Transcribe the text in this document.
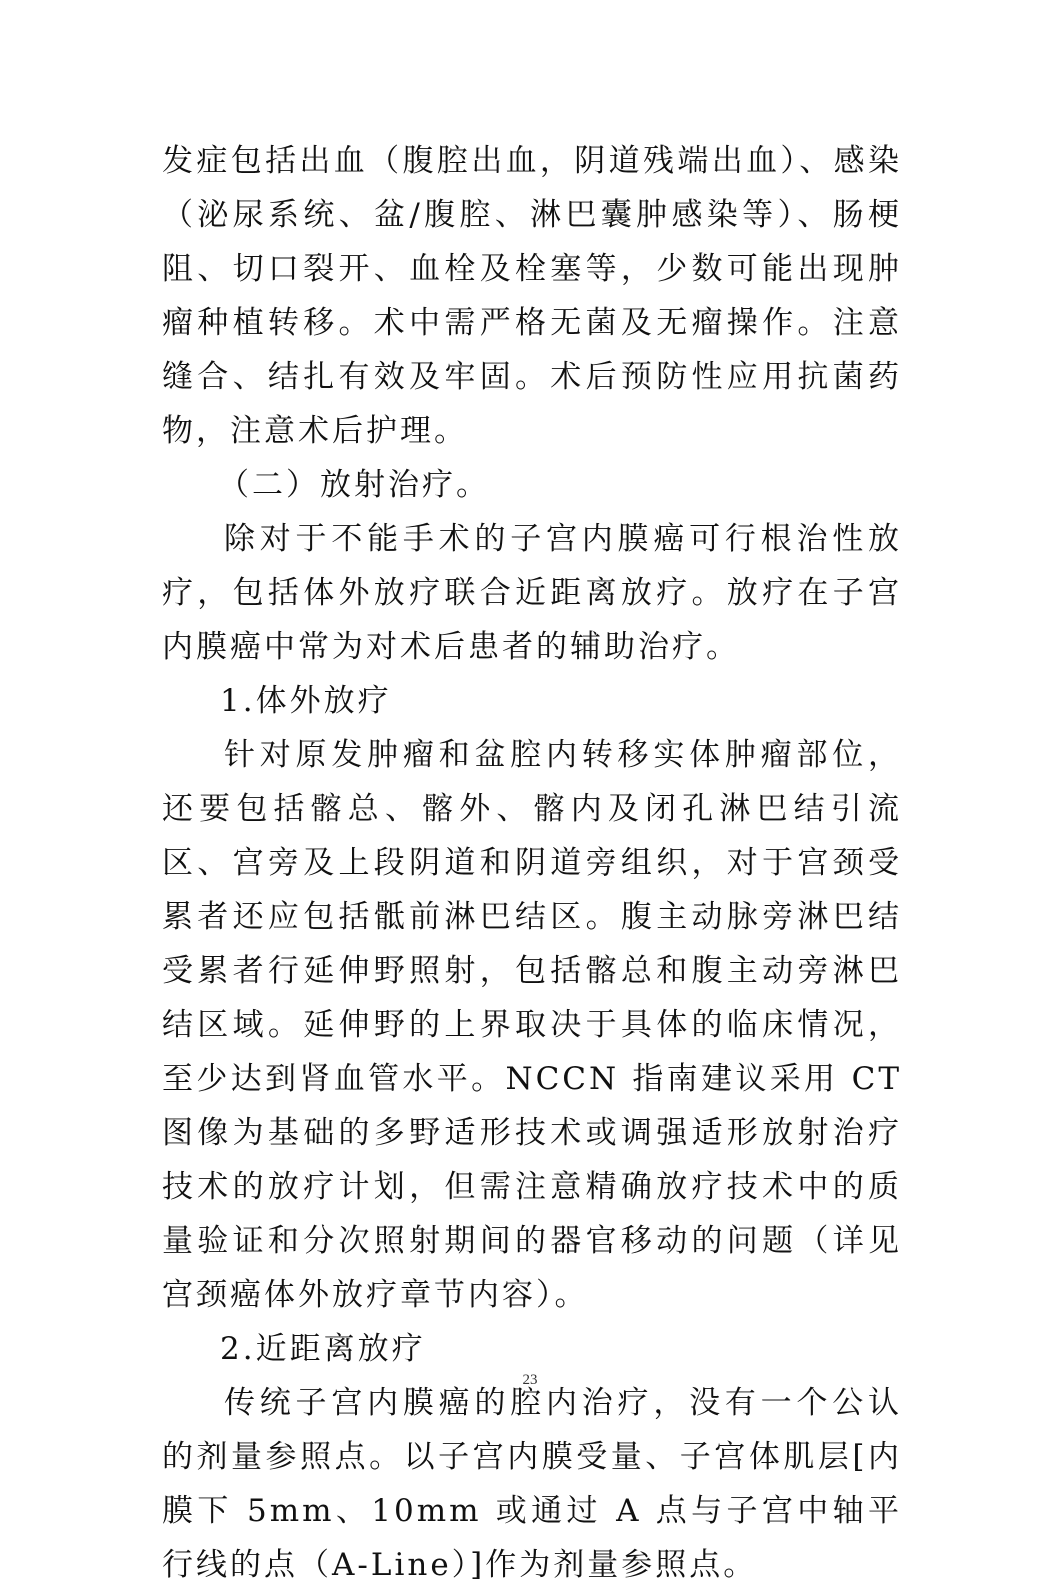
发症包括出血（腹腔出血，阴道残端出血）、感染（泌尿系统、盆/腹腔、淋巴囊肿感染等）、肠梗阻、切口裂开、血栓及栓塞等，少数可能出现肿瘤种植转移。术中需严格无菌及无瘤操作。注意缝合、结扎有效及牢固。术后预防性应用抗菌药物，注意术后护理。

（二）放射治疗。

除对于不能手术的子宫内膜癌可行根治性放疗，包括体外放疗联合近距离放疗。放疗在子宫内膜癌中常为对术后患者的辅助治疗。

1.体外放疗

针对原发肿瘤和盆腔内转移实体肿瘤部位，还要包括髂总、髂外、髂内及闭孔淋巴结引流区、宫旁及上段阴道和阴道旁组织，对于宫颈受累者还应包括骶前淋巴结区。腹主动脉旁淋巴结受累者行延伸野照射，包括髂总和腹主动旁淋巴结区域。延伸野的上界取决于具体的临床情况，至少达到肾血管水平。NCCN 指南建议采用 CT 图像为基础的多野适形技术或调强适形放射治疗技术的放疗计划，但需注意精确放疗技术中的质量验证和分次照射期间的器官移动的问题（详见宫颈癌体外放疗章节内容）。

2.近距离放疗

传统子宫内膜癌的腔内治疗，没有一个公认的剂量参照点。以子宫内膜受量、子宫体肌层[内膜下 5mm、10mm 或通过 A 点与子宫中轴平行线的点（A-Line）]作为剂量参照点。

23
